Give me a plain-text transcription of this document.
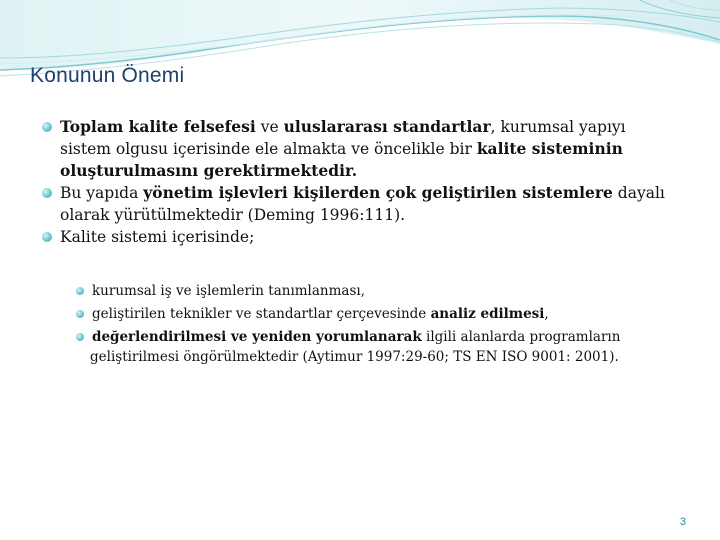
Konunun Önemi
Toplam kalite felsefesi ve uluslararası standartlar, kurumsal yapıyı sistem olgusu içerisinde ele almakta ve öncelikle bir kalite sisteminin oluşturulmasını gerektirmektedir.
Bu yapıda yönetim işlevleri kişilerden çok geliştirilen sistemlere dayalı olarak yürütülmektedir (Deming 1996:111).
Kalite sistemi içerisinde;
kurumsal iş ve işlemlerin tanımlanması,
geliştirilen teknikler ve standartlar çerçevesinde analiz edilmesi,
değerlendirilmesi ve yeniden yorumlanarak ilgili alanlarda programların geliştirilmesi öngörülmektedir (Aytimur 1997:29-60; TS EN ISO 9001: 2001).
3
